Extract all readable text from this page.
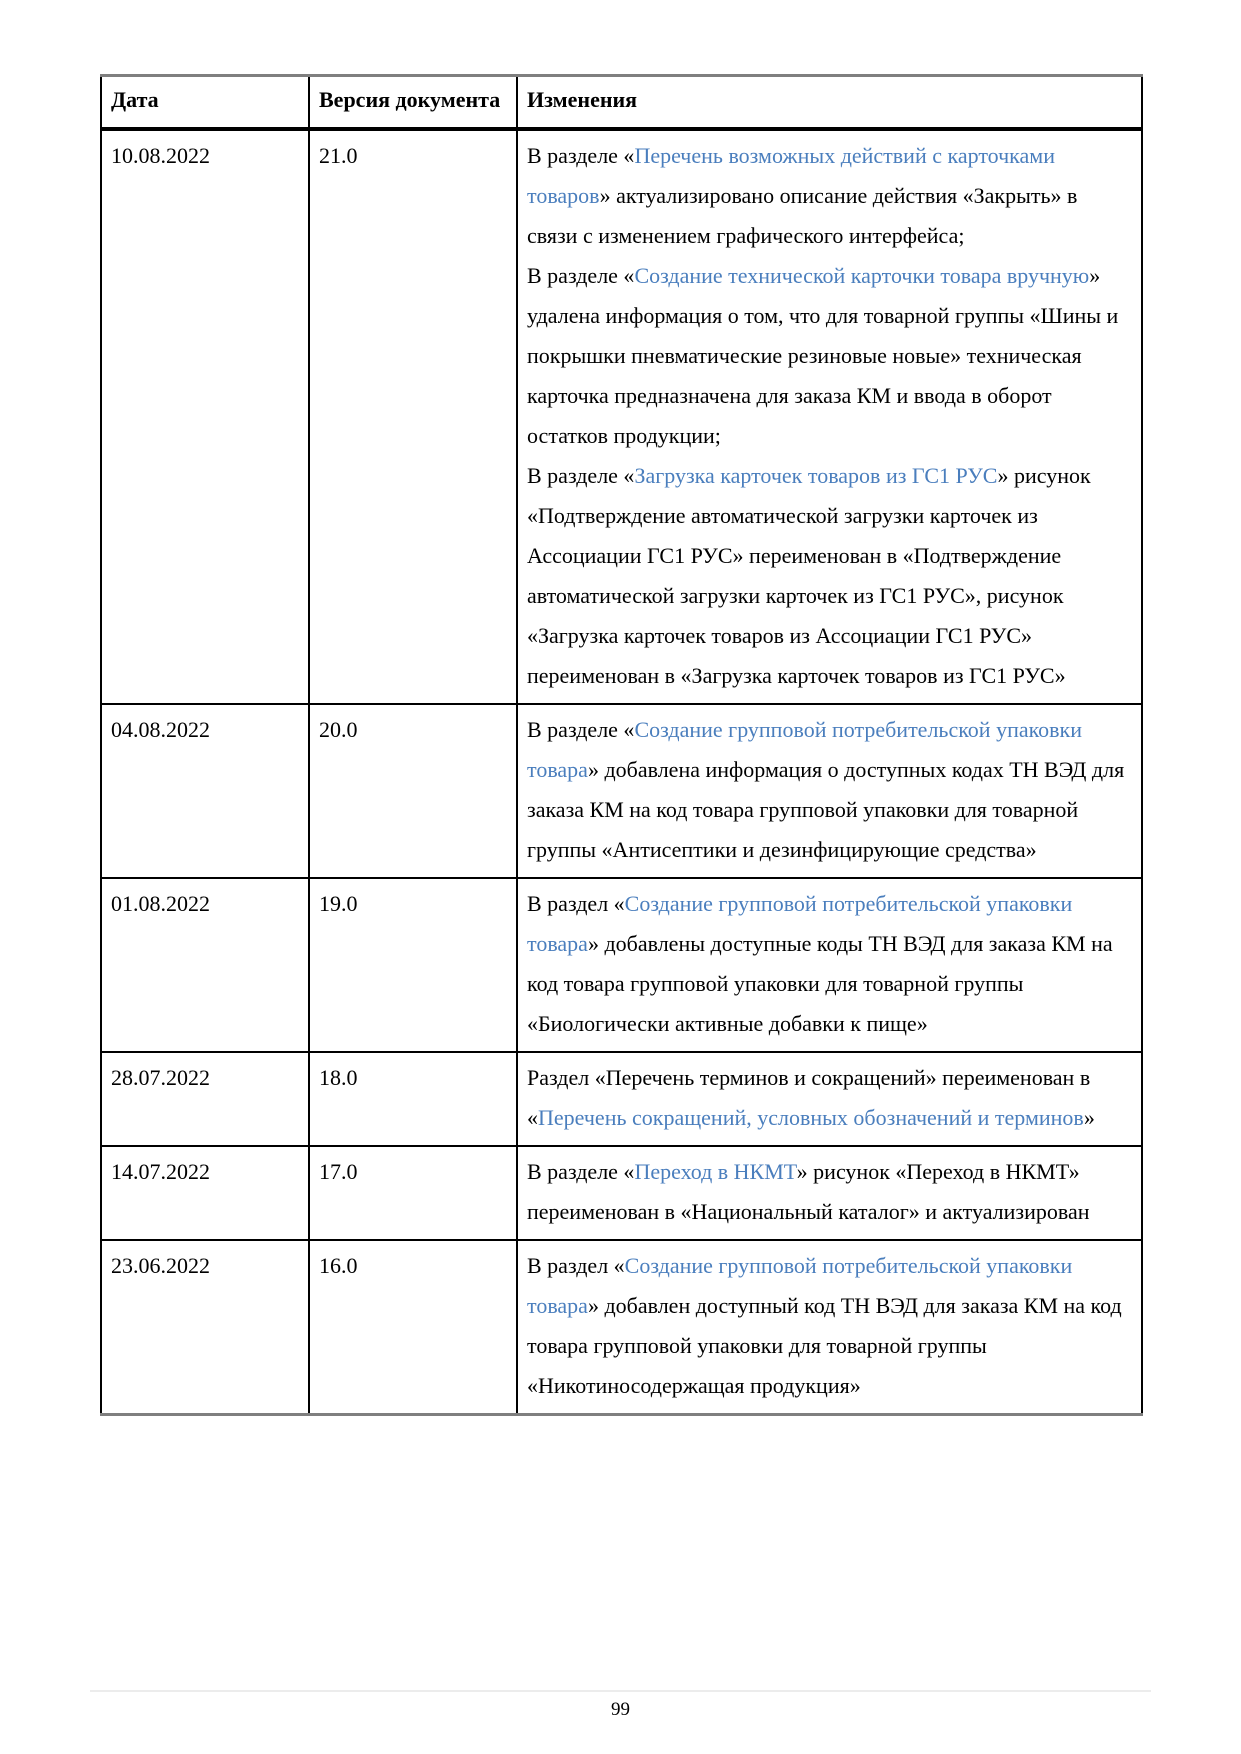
Дата	Версия документа	Изменения
10.08.2022	21.0	В разделе «Перечень возможных действий с карточками товаров» актуализировано описание действия «Закрыть» в связи с изменением графического интерфейса;

В разделе «Создание технической карточки товара вручную» удалена информация о том, что для товарной группы «Шины и покрышки пневматические резиновые новые» техническая карточка предназначена для заказа КМ и ввода в оборот остатков продукции;

В разделе «Загрузка карточек товаров из ГС1 РУС» рисунок «Подтверждение автоматической загрузки карточек из Ассоциации ГС1 РУС» переименован в «Подтверждение автоматической загрузки карточек из ГС1 РУС», рисунок «Загрузка карточек товаров из Ассоциации ГС1 РУС» переименован в «Загрузка карточек товаров из ГС1 РУС»

04.08.2022	20.0	В разделе «Создание групповой потребительской упаковки товара» добавлена информация о доступных кодах ТН ВЭД для заказа КМ на код товара групповой упаковки для товарной группы «Антисептики и дезинфицирующие средства»

01.08.2022	19.0	В раздел «Создание групповой потребительской упаковки товара» добавлены доступные коды ТН ВЭД для заказа КМ на код товара групповой упаковки для товарной группы «Биологически активные добавки к пище»

28.07.2022	18.0	Раздел «Перечень терминов и сокращений» переименован в «Перечень сокращений, условных обозначений и терминов»

14.07.2022	17.0	В разделе «Переход в НКМТ» рисунок «Переход в НКМТ» переименован в «Национальный каталог» и актуализирован

23.06.2022	16.0	В раздел «Создание групповой потребительской упаковки товара» добавлен доступный код ТН ВЭД для заказа КМ на код товара групповой упаковки для товарной группы «Никотиносодержащая продукция»

99
